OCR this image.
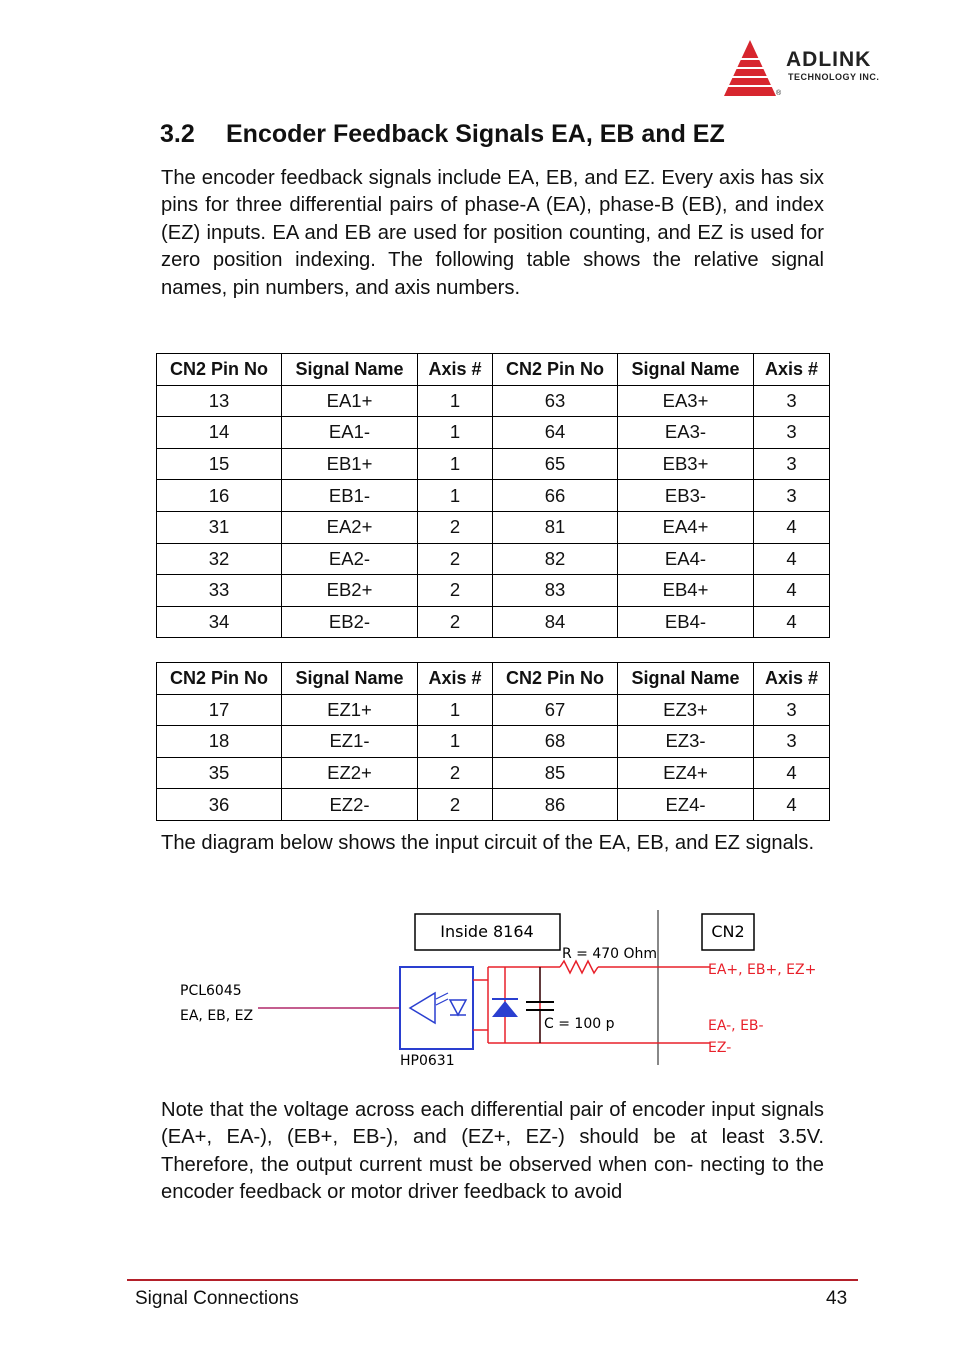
ADLINK
TECHNOLOGY INC.
®
3.2 Encoder Feedback Signals EA, EB and EZ
The encoder feedback signals include EA, EB, and EZ. Every axis has six pins for three differential pairs of phase-A (EA), phase-B (EB), and index (EZ) inputs. EA and EB are used for position counting, and EZ is used for zero position indexing. The following table shows the relative signal names, pin numbers, and axis numbers.
CN2 Pin No	Signal Name	Axis #	CN2 Pin No	Signal Name	Axis #
13	EA1+	1	63	EA3+	3
14	EA1-	1	64	EA3-	3
15	EB1+	1	65	EB3+	3
16	EB1-	1	66	EB3-	3
31	EA2+	2	81	EA4+	4
32	EA2-	2	82	EA4-	4
33	EB2+	2	83	EB4+	4
34	EB2-	2	84	EB4-	4
CN2 Pin No	Signal Name	Axis #	CN2 Pin No	Signal Name	Axis #
17	EZ1+	1	67	EZ3+	3
18	EZ1-	1	68	EZ3-	3
35	EZ2+	2	85	EZ4+	4
36	EZ2-	2	86	EZ4-	4
The diagram below shows the input circuit of the EA, EB, and EZ signals.
Inside 8164	CN2
PCL6045
EA, EB, EZ
HP0631
C = 100 p
R = 470 Ohm
EA+, EB+, EZ+
EA-, EB-
EZ-
Note that the voltage across each differential pair of encoder input signals (EA+, EA-), (EB+, EB-), and (EZ+, EZ-) should be at least 3.5V. Therefore, the output current must be observed when con- necting to the encoder feedback or motor driver feedback to avoid
Signal Connections	43
